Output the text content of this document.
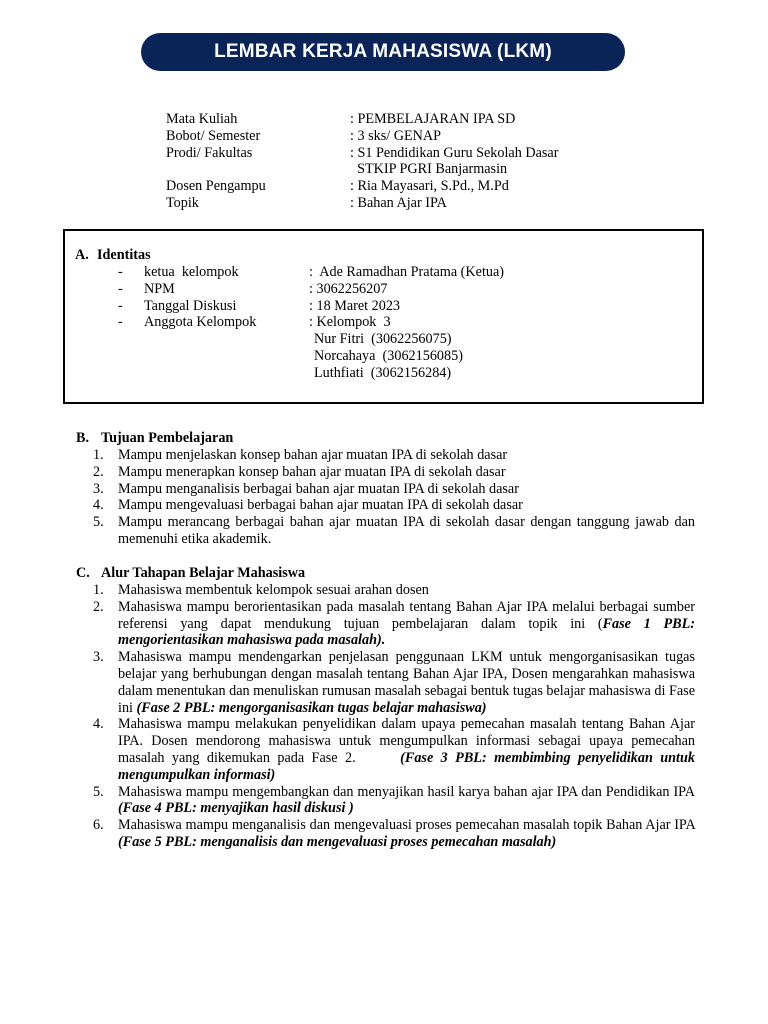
LEMBAR KERJA MAHASISWA (LKM)
Mata Kuliah	: PEMBELAJARAN IPA SD
Bobot/ Semester	: 3 sks/ GENAP
Prodi/ Fakultas	: S1 Pendidikan Guru Sekolah Dasar
STKIP PGRI Banjarmasin
Dosen Pengampu	: Ria Mayasari, S.Pd., M.Pd
Topik	: Bahan Ajar IPA
A. Identitas
-	ketua  kelompok	:  Ade Ramadhan Pratama (Ketua)
-	NPM	: 3062256207
-	Tanggal Diskusi	: 18 Maret 2023
-	Anggota Kelompok	: Kelompok  3
Nur Fitri  (3062256075)
Norcahaya  (3062156085)
Luthfiati  (3062156284)
B. Tujuan Pembelajaran
1.	Mampu menjelaskan konsep bahan ajar muatan IPA di sekolah dasar
2.	Mampu menerapkan konsep bahan ajar muatan IPA di sekolah dasar
3.	Mampu menganalisis berbagai bahan ajar muatan IPA di sekolah dasar
4.	Mampu mengevaluasi berbagai bahan ajar muatan IPA di sekolah dasar
5.	Mampu merancang berbagai bahan ajar muatan IPA di sekolah dasar dengan tanggung jawab dan memenuhi etika akademik.
C. Alur Tahapan Belajar Mahasiswa
1.	Mahasiswa membentuk kelompok sesuai arahan dosen
2.	Mahasiswa mampu berorientasikan pada masalah tentang Bahan Ajar IPA melalui berbagai sumber referensi yang dapat mendukung tujuan pembelajaran dalam topik ini (Fase 1 PBL: mengorientasikan mahasiswa pada masalah).
3.	Mahasiswa mampu mendengarkan penjelasan penggunaan LKM untuk mengorganisasikan tugas belajar yang berhubungan dengan masalah tentang Bahan Ajar IPA, Dosen mengarahkan mahasiswa dalam menentukan dan menuliskan rumusan masalah sebagai bentuk tugas belajar mahasiswa di Fase ini (Fase 2 PBL: mengorganisasikan tugas belajar mahasiswa)
4.	Mahasiswa mampu melakukan penyelidikan dalam upaya pemecahan masalah tentang Bahan Ajar IPA. Dosen mendorong mahasiswa untuk mengumpulkan informasi sebagai upaya pemecahan masalah yang dikemukan pada Fase 2.      (Fase 3 PBL: membimbing penyelidikan untuk mengumpulkan informasi)
5.	Mahasiswa mampu mengembangkan dan menyajikan hasil karya bahan ajar IPA dan Pendidikan IPA (Fase 4 PBL: menyajikan hasil diskusi )
6.	Mahasiswa mampu menganalisis dan mengevaluasi proses pemecahan masalah topik Bahan Ajar IPA (Fase 5 PBL: menganalisis dan mengevaluasi proses pemecahan masalah)
